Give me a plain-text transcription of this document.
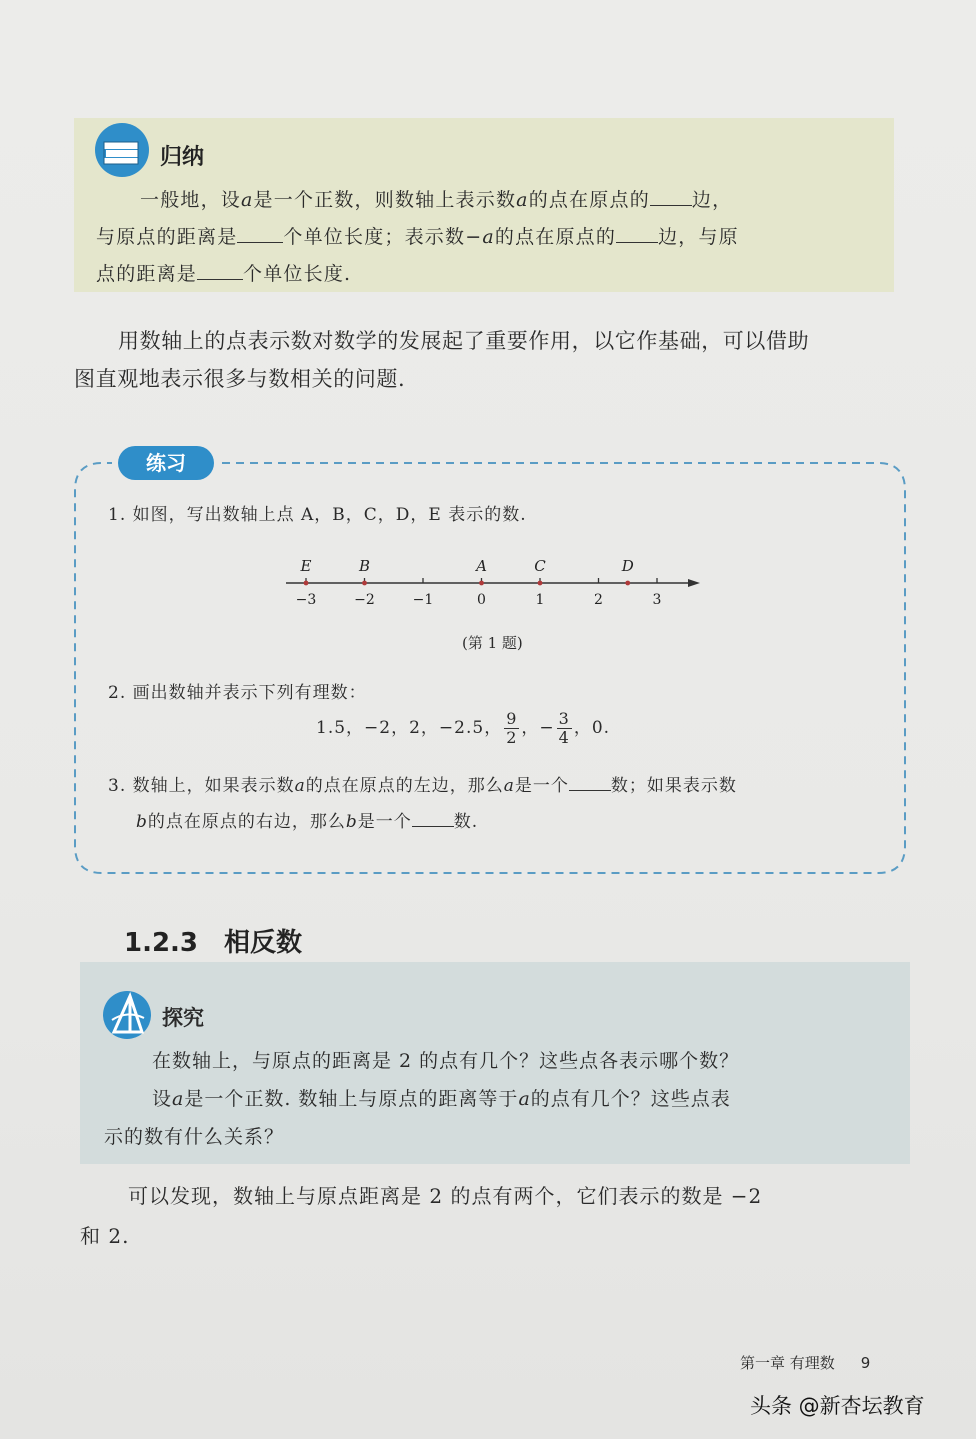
归纳
一般地，设a是一个正数，则数轴上表示数a的点在原点的 边，
与原点的距离是 个单位长度；表示数−a的点在原点的 边，与原
点的距离是 个单位长度.
用数轴上的点表示数对数学的发展起了重要作用，以它作基础，可以借助
图直观地表示很多与数相关的问题.
练习
1. 如图，写出数轴上点 A，B，C，D，E 表示的数.
−3	−2	−1	0	1	2	3
E	B	A	C	D
(第 1 题)
2. 画出数轴并表示下列有理数：
1.5，−2，2，−2.5， $\frac{9}{2}$ ，− $\frac{3}{4}$ ，0.
3. 数轴上，如果表示数a的点在原点的左边，那么a是一个 数；如果表示数
b的点在原点的右边，那么b是一个 数.
1.2.3 相反数
探究
在数轴上，与原点的距离是 2 的点有几个？这些点各表示哪个数？
设a是一个正数. 数轴上与原点的距离等于a的点有几个？这些点表
示的数有什么关系？
可以发现，数轴上与原点距离是 2 的点有两个，它们表示的数是 −2
和 2.
第一章 有理数 9
头条 @新杏坛教育
